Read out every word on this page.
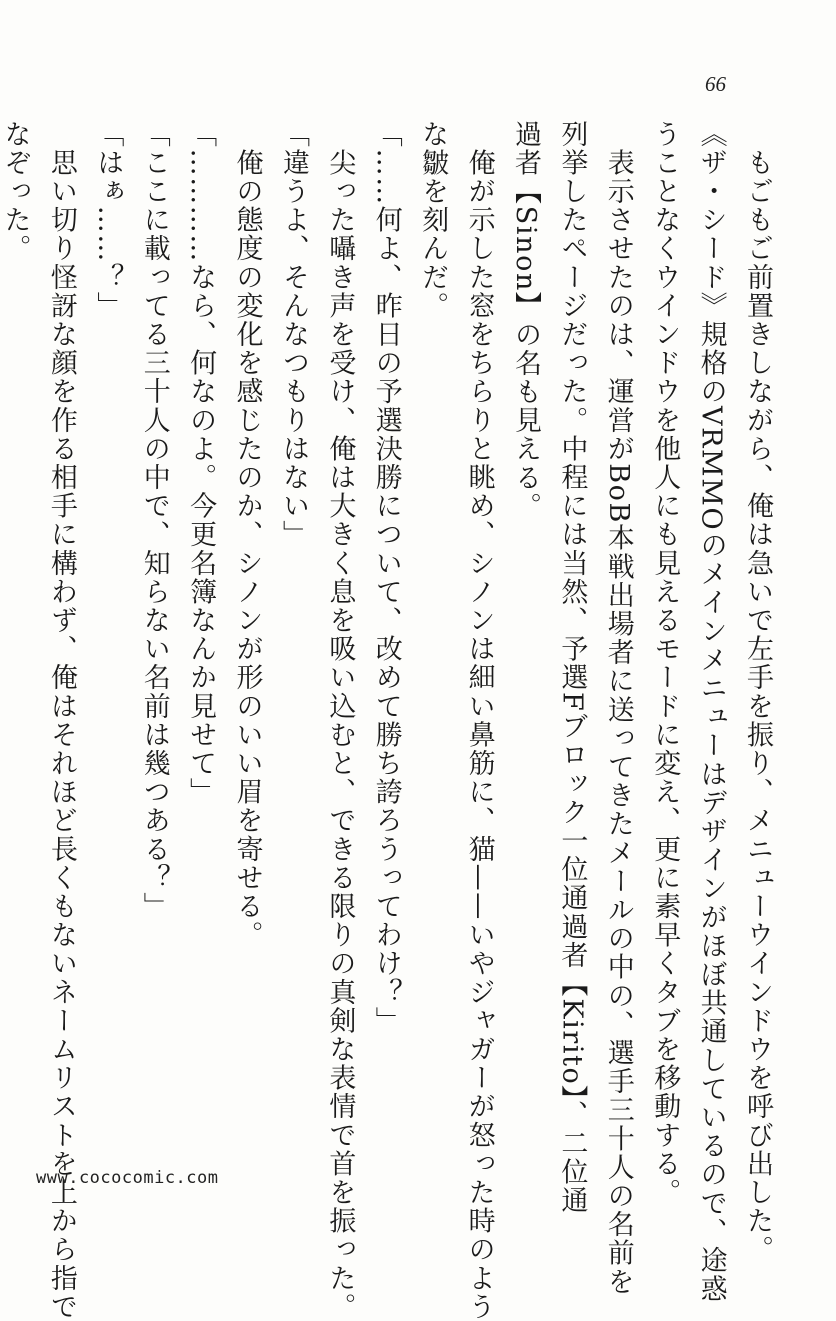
66
　もごもご前置きしながら、俺は急いで左手を振り、メニューウインドウを呼び出した。
《ザ・シード》規格のVRMMOのメインメニューはデザインがほぼ共通しているので、途惑
うことなくウインドウを他人にも見えるモードに変え、更に素早くタブを移動する。
　表示させたのは、運営がBoB本戦出場者に送ってきたメールの中の、選手三十人の名前を
列挙したページだった。中程には当然、予選Fブロック一位通過者【Kirito】、二位通
過者【Sinon】の名も見える。
　俺が示した窓をちらりと眺め、シノンは細い鼻筋に、猫——いやジャガーが怒った時のよう
な皺を刻んだ。
「……何よ、昨日の予選決勝について、改めて勝ち誇ろうってわけ？」
　尖った囁き声を受け、俺は大きく息を吸い込むと、できる限りの真剣な表情で首を振った。
「違うよ、そんなつもりはない」
　俺の態度の変化を感じたのか、シノンが形のいい眉を寄せる。
「…………なら、何なのよ。今更名簿なんか見せて」
「ここに載ってる三十人の中で、知らない名前は幾つある？」
「はぁ……？」
　思い切り怪訝な顔を作る相手に構わず、俺はそれほど長くもないネームリストを上から指で
なぞった。
www.cococomic.com
